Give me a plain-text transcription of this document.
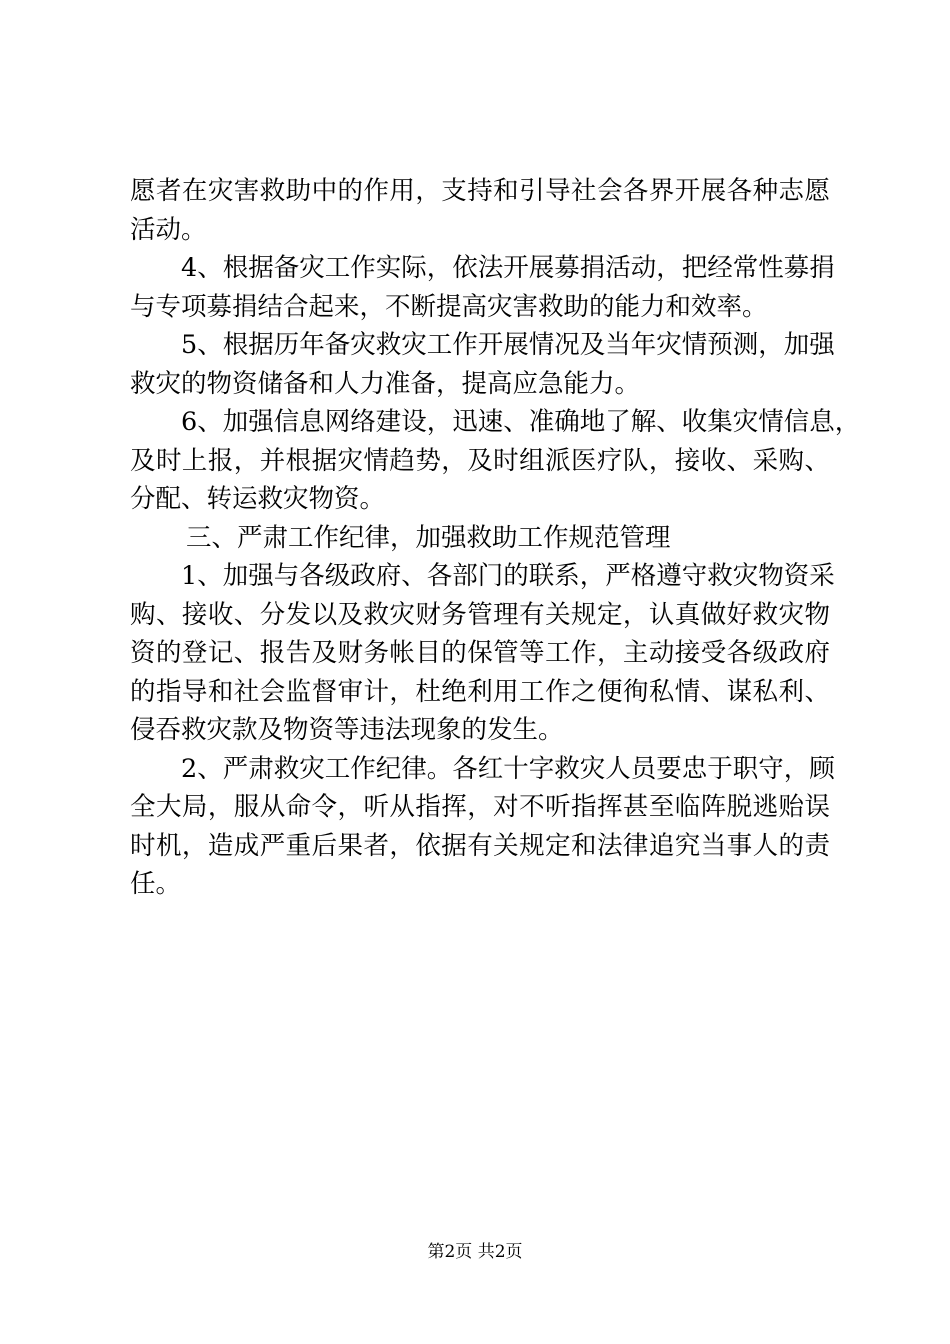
愿者在灾害救助中的作用，支持和引导社会各界开展各种志愿
活动。
4、根据备灾工作实际，依法开展募捐活动，把经常性募捐
与专项募捐结合起来，不断提高灾害救助的能力和效率。
5、根据历年备灾救灾工作开展情况及当年灾情预测，加强
救灾的物资储备和人力准备，提高应急能力。
6、加强信息网络建设，迅速、准确地了解、收集灾情信息，
及时上报，并根据灾情趋势，及时组派医疗队，接收、采购、
分配、转运救灾物资。
三、严肃工作纪律，加强救助工作规范管理
1、加强与各级政府、各部门的联系，严格遵守救灾物资采
购、接收、分发以及救灾财务管理有关规定，认真做好救灾物
资的登记、报告及财务帐目的保管等工作，主动接受各级政府
的指导和社会监督审计，杜绝利用工作之便徇私情、谋私利、
侵吞救灾款及物资等违法现象的发生。
2、严肃救灾工作纪律。各红十字救灾人员要忠于职守，顾
全大局，服从命令，听从指挥，对不听指挥甚至临阵脱逃贻误
时机，造成严重后果者，依据有关规定和法律追究当事人的责
任。
第2页 共2页
